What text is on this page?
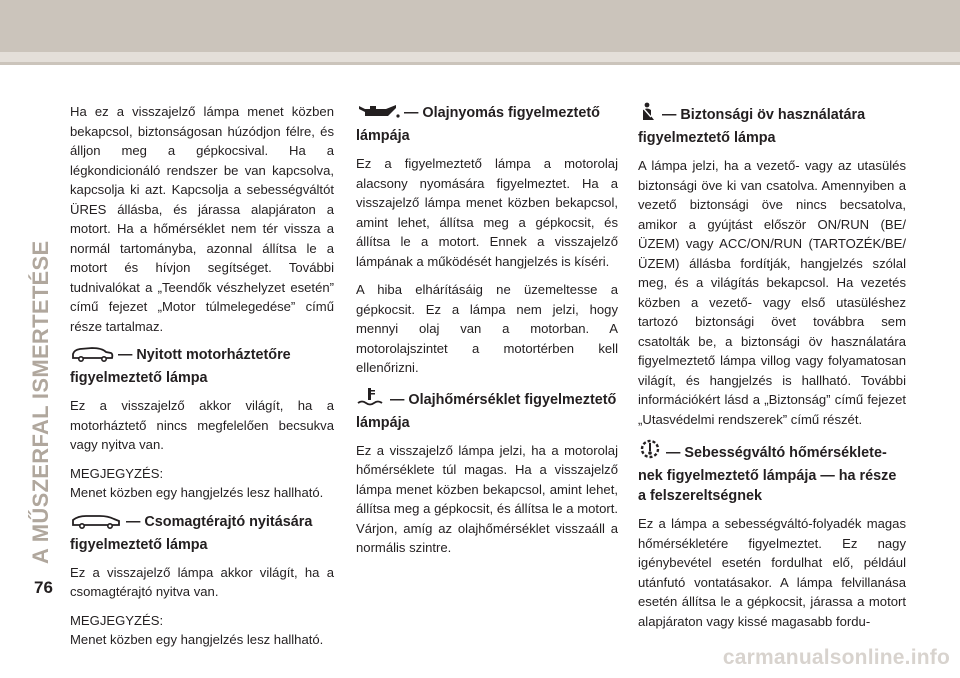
A MŰSZERFAL ISMERTETÉSE
76

Ha ez a visszajelző lámpa menet közben bekapcsol, biztonságosan húzódjon félre, és álljon meg a gépkocsival. Ha a légkondicionáló rendszer be van kapcsolva, kapcsolja ki azt. Kapcsolja a sebességváltót ÜRES állásba, és járassa alapjáraton a motort. Ha a hőmérséklet nem tér vissza a normál tartományba, azonnal állítsa le a motort és hívjon segítséget. További tudnivalókat a „Teendők vészhelyzet esetén” című fejezet „Motor túlmelegedése” című része tartalmaz.

— Nyitott motorháztetőre figyelmeztető lámpa

Ez a visszajelző akkor világít, ha a motorháztető nincs megfelelően becsukva vagy nyitva van.

MEGJEGYZÉS:

Menet közben egy hangjelzés lesz hallható.

— Csomagtérajtó nyitására figyelmeztető lámpa

Ez a visszajelző lámpa akkor világít, ha a csomagtérajtó nyitva van.

MEGJEGYZÉS:

Menet közben egy hangjelzés lesz hallható.

— Olajnyomás figyelmeztető lámpája

Ez a figyelmeztető lámpa a motorolaj alacsony nyomására figyelmeztet. Ha a visszajelző lámpa menet közben bekapcsol, amint lehet, állítsa meg a gépkocsit, és állítsa le a motort. Ennek a visszajelző lámpának a működését hangjelzés is kíséri.

A hiba elhárításáig ne üzemeltesse a gépkocsit. Ez a lámpa nem jelzi, hogy mennyi olaj van a motorban. A motorolajszintet a motortérben kell ellenőrizni.

— Olajhőmérséklet figyelmeztető lámpája

Ez a visszajelző lámpa jelzi, ha a motorolaj hőmérséklete túl magas. Ha a visszajelző lámpa menet közben bekapcsol, amint lehet, állítsa meg a gépkocsit, és állítsa le a motort. Várjon, amíg az olajhőmérséklet visszaáll a normális szintre.

— Biztonsági öv használatára figyelmeztető lámpa

A lámpa jelzi, ha a vezető- vagy az utasülés biztonsági öve ki van csatolva. Amennyiben a vezető biztonsági öve nincs becsatolva, amikor a gyújtást először ON/RUN (BE/ÜZEM) vagy ACC/ON/RUN (TARTOZÉK/BE/ÜZEM) állásba fordítják, hangjelzés szólal meg, és a világítás bekapcsol. Ha vezetés közben a vezető- vagy első utasüléshez tartozó biztonsági övet továbbra sem csatolták be, a biztonsági öv használatára figyelmeztető lámpa villog vagy folyamatosan világít, és hangjelzés is hallható. További információkért lásd a „Biztonság” című fejezet „Utasvédelmi rendszerek” című részét.

— Sebességváltó hőmérsékletenek figyelmeztető lámpája — ha része a felszereltségnek

Ez a lámpa a sebességváltó-folyadék magas hőmérsékletére figyelmeztet. Ez nagy igénybevétel esetén fordulhat elő, például utánfutó vontatásakor. A lámpa felvillanása esetén állítsa le a gépkocsit, járassa a motort alapjáraton vagy kissé magasabb fordu-

carmanualsonline.info
